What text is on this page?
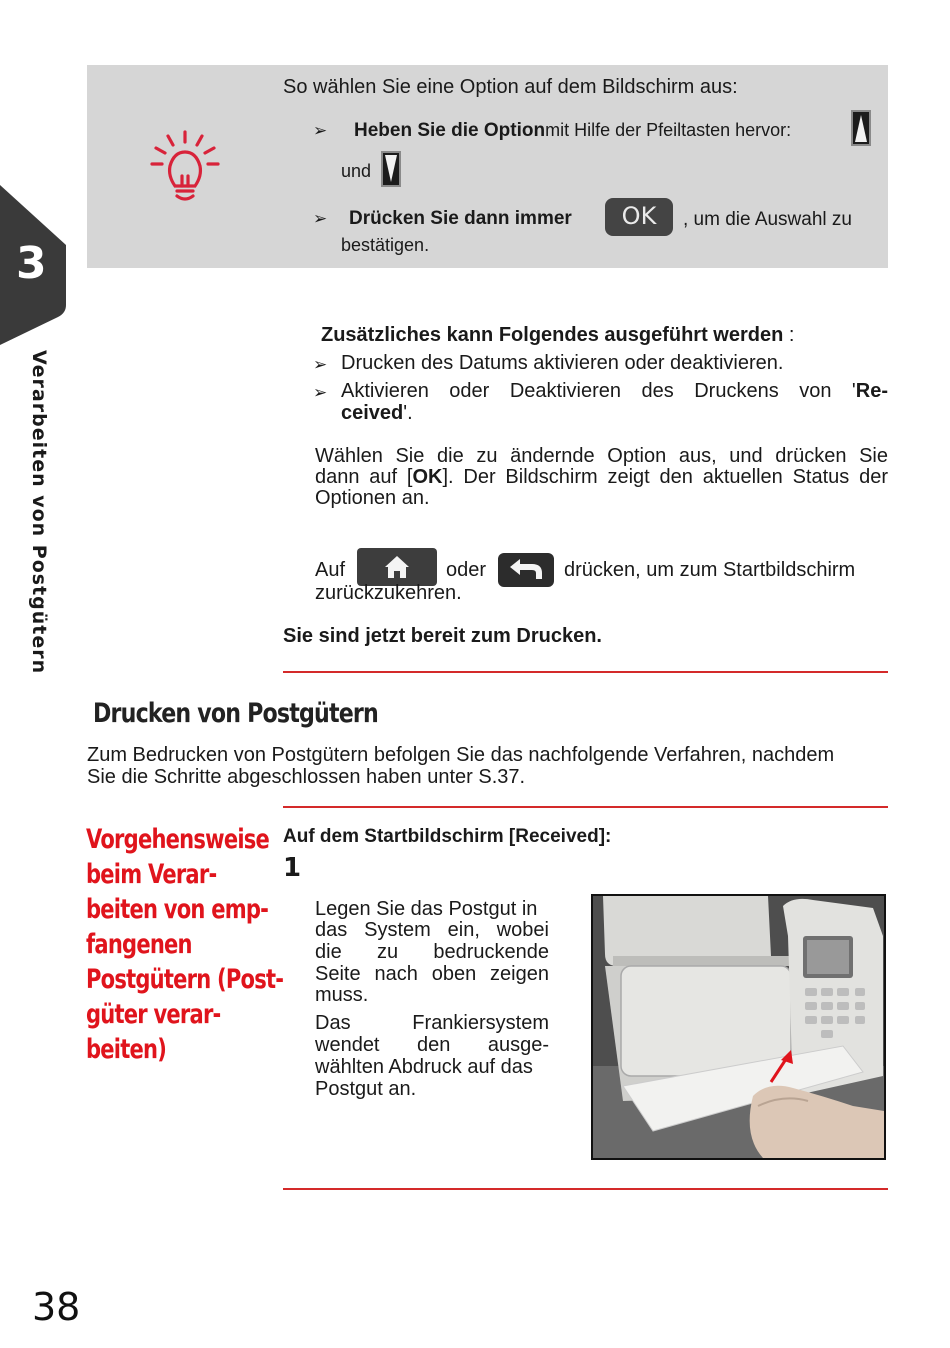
3
Verarbeiten von Postgütern
So wählen Sie eine Option auf dem Bildschirm aus:
➢ Heben Sie die Optionmit Hilfe der Pfeiltasten hervor:
und
➢ Drücken Sie dann immer	OK	, um die Auswahl zu
bestätigen.
Zusätzliches kann Folgendes ausgeführt werden :
➢ Drucken des Datums aktivieren oder deaktivieren.
➢ Aktivieren oder Deaktivieren des Druckens von 'Re-
ceived'.
Wählen Sie die zu ändernde Option aus, und drücken Sie
dann auf [OK]. Der Bildschirm zeigt den aktuellen Status der
Optionen an.
Auf	oder	drücken, um zum Startbildschirm
zurückzukehren.
Sie sind jetzt bereit zum Drucken.
Drucken von Postgütern
Zum Bedrucken von Postgütern befolgen Sie das nachfolgende Verfahren, nachdem
Sie die Schritte abgeschlossen haben unter S.37.
Vorgehensweise
beim Verar-
beiten von emp-
fangenen
Postgütern (Post-
güter verar-
beiten)
Auf dem Startbildschirm [Received]:
1
Legen Sie das Postgut in
das System ein, wobei
die zu bedruckende
Seite nach oben zeigen
muss.
Das Frankiersystem
wendet den ausge-
wählten Abdruck auf das
Postgut an.
38
